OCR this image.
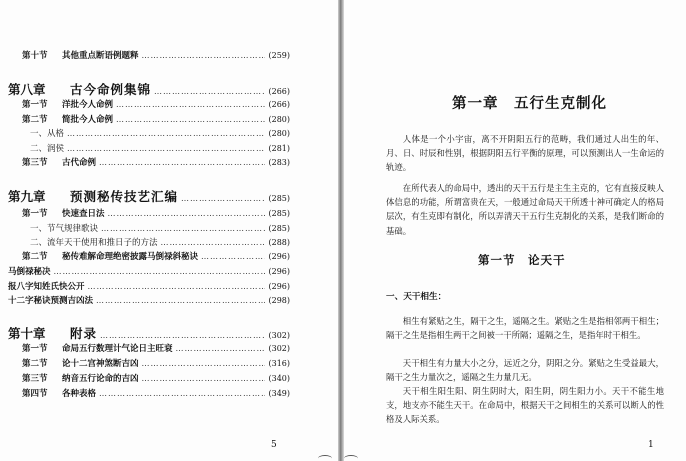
第十节	其他重点断语例题释 ………………………………………………………………………………………………………………	(259)
第八章	古今命例集锦 ………………………………………………………………………………………………………………	(266)
第一节	洋批今人命例 ………………………………………………………………………………………………………………	(266)
第二节	简批今人命例 ………………………………………………………………………………………………………………	(280)
一、从格 ………………………………………………………………………………………………………………	(280)
二、润侯 ………………………………………………………………………………………………………………	(281)
第三节	古代命例 ………………………………………………………………………………………………………………	(283)
第九章	预测秘传技艺汇编 ………………………………………………………………………………………………………………	(285)
第一节	快速查日法 ………………………………………………………………………………………………………………	(285)
一、节气规律歌诀 ………………………………………………………………………………………………………………	(285)
二、流年天干使用和推日子的方法 ………………………………………………………………………………………………………………	(288)
第二节	秘传难解命理绝密披露马倒禄斜秘诀 ………………………………………………………………………………………………………………	(296)
马倒禄秘决 ………………………………………………………………………………………………………………	(296)
报八字知姓氏快公开 ………………………………………………………………………………………………………………	(296)
十二字秘诀预测吉凶法 ………………………………………………………………………………………………………………	(298)
第十章	附录 ………………………………………………………………………………………………………………	(302)
第一节	命局五行数理计气论日主旺衰 ………………………………………………………………………………………………………………	(302)
第二节	论十二宫神煞断吉凶 ………………………………………………………………………………………………………………	(316)
第三节	纳音五行论命的吉凶 ………………………………………………………………………………………………………………	(340)
第四节	各种表格 ………………………………………………………………………………………………………………	(349)
5
第一章　五行生克制化
人体是一个小宇宙，离不开阴阳五行的范畴，我们通过人出生的年、月、日、时辰和性别，根据阴阳五行平衡的原理，可以预测出人一生命运的轨迹。
在所代表人的命局中，透出的天干五行是主生主克的，它有直接反映人体信息的功能，所谓富贵在天，一般通过命局天干所透十神可确定人的格局层次，有生克即有制化，所以弄清天干五行生克制化的关系，是我们断命的基础。
第一节　论天干
一、天干相生：
相生有紧贴之生，隔干之生，遥隔之生。紧贴之生是指相邻两干相生；隔干之生是指相生两干之间被一干所隔；遥隔之生，是指年时干相生。
天干相生有力量大小之分，远近之分，阴阳之分。紧贴之生受益最大，隔干之生力量次之，遥隔之生力量几无。
天干相生阳生阳、阴生阴时大，阳生阴，阴生阳力小。天干不能生地支，地支亦不能生天干。在命局中，根据天干之间相生的关系可以断人的性格及人际关系。
1
